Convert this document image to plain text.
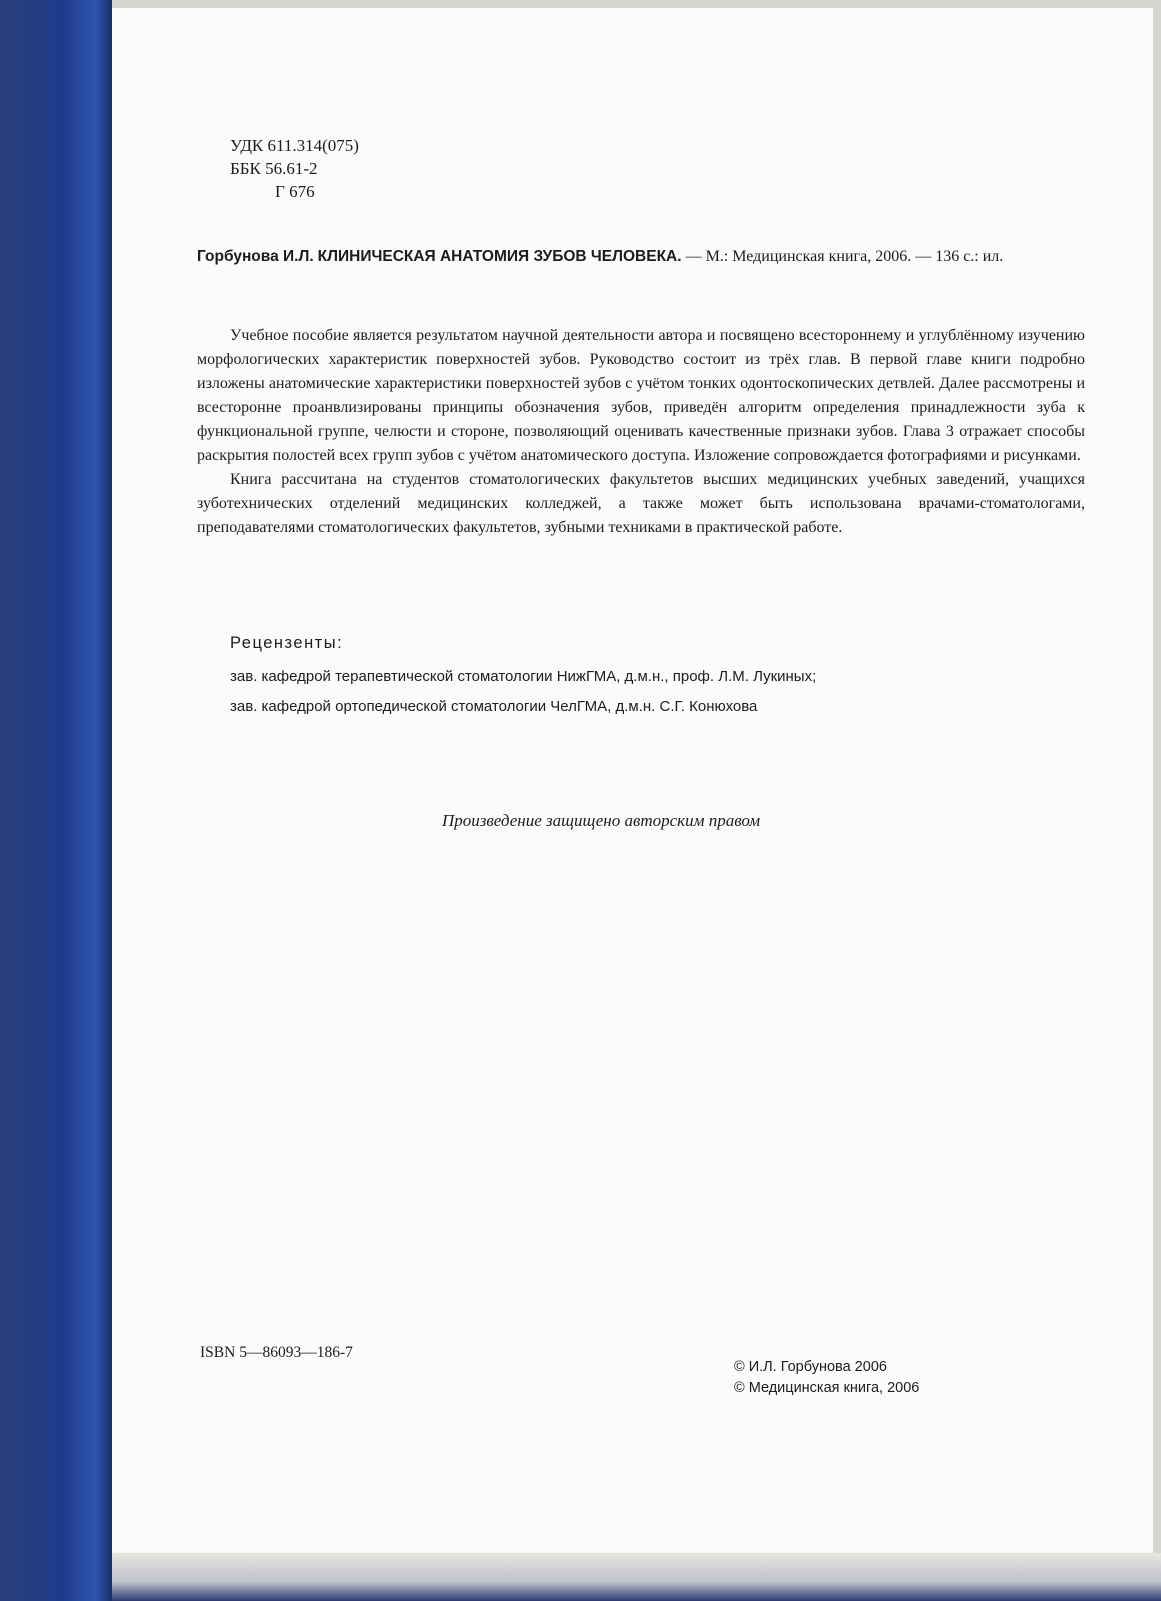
УДК 611.314(075)
ББК 56.61-2
Г 676
Горбунова И.Л. КЛИНИЧЕСКАЯ АНАТОМИЯ ЗУБОВ ЧЕЛОВЕКА. — М.: Медицинская книга, 2006. — 136 с.: ил.

Учебное пособие является результатом научной деятельности автора и посвящено всестороннему и углублённому изучению морфологических характеристик поверхностей зубов. Руководство состоит из трёх глав. В первой главе книги подробно изложены анатомические характеристики поверхностей зубов с учётом тонких одонтоскопических детвлей. Далее рассмотрены и всесторонне проанвлизированы принципы обозначения зубов, приведён алгоритм определения принадлежности зуба к функциональной группе, челюсти и стороне, позволяющий оценивать качественные признаки зубов. Глава 3 отражает способы раскрытия полостей всех групп зубов с учётом анатомического доступа. Изложение сопровождается фотографиями и рисунками.

Книга рассчитана на студентов стоматологических факультетов высших медицинских учебных заведений, учащихся зуботехнических отделений медицинских колледжей, а также может быть использована врачами-стоматологами, преподавателями стоматологических факультетов, зубными техниками в практической работе.

Рецензенты:
зав. кафедрой терапевтической стоматологии НижГМА, д.м.н., проф. Л.М. Лукиных;
зав. кафедрой ортопедической стоматологии ЧелГМА, д.м.н. С.Г. Конюхова
Произведение защищено авторским правом
ISBN 5—86093—186-7
© И.Л. Горбунова 2006
© Медицинская книга, 2006
